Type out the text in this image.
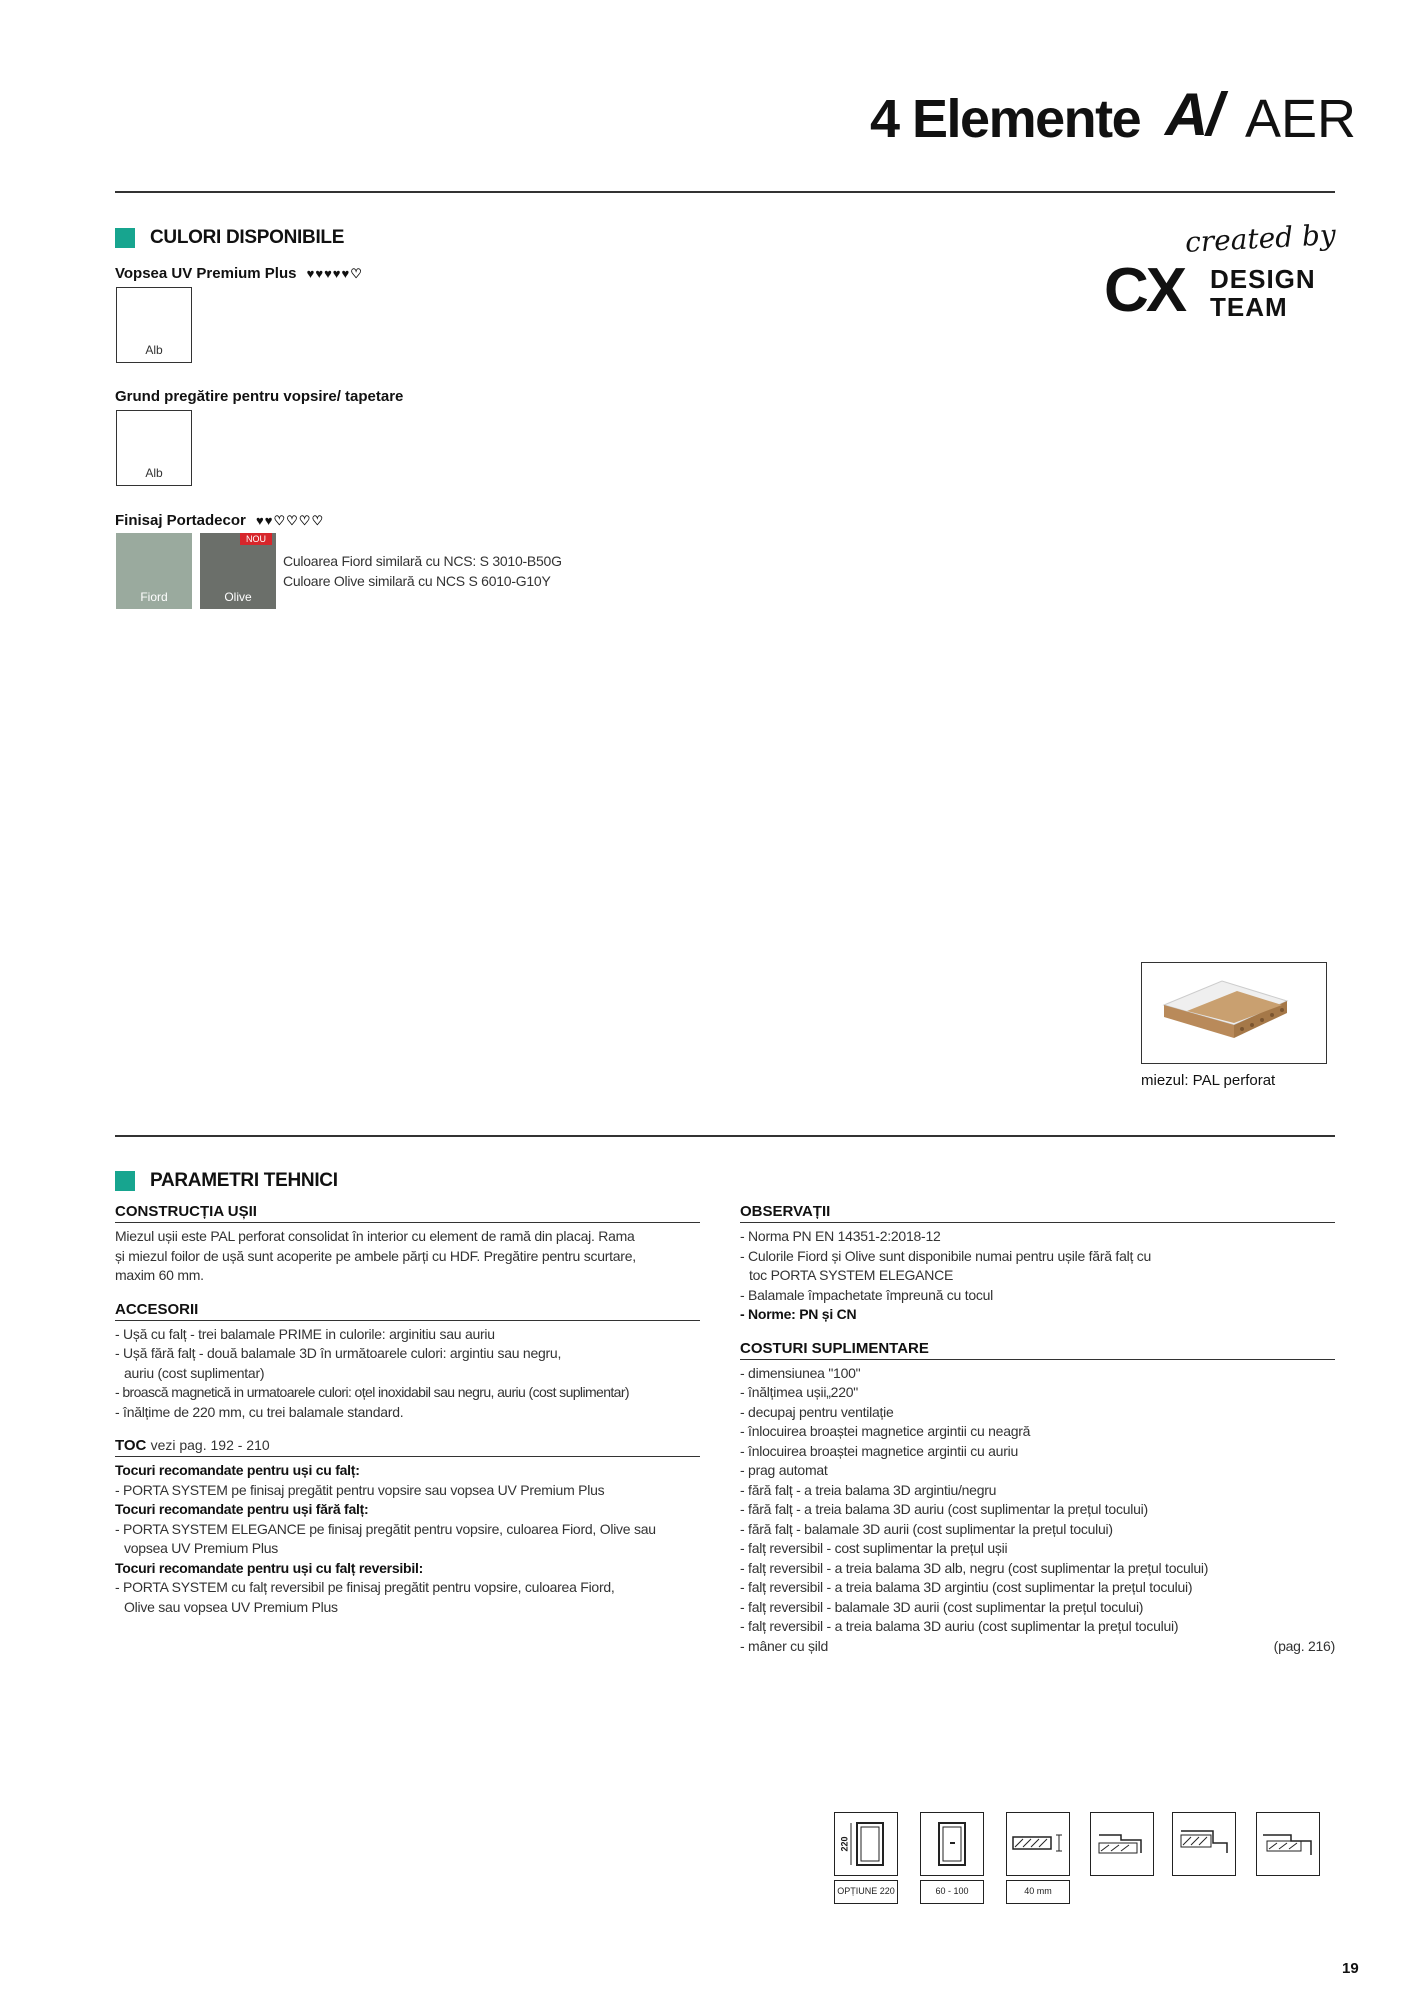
4 Elemente A/ AER
created by
CX DESIGN
TEAM
CULORI DISPONIBILE
Vopsea UV Premium Plus ♥♥♥♥♥♡
Alb
Grund pregătire pentru vopsire/ tapetare
Alb
Finisaj Portadecor ♥♥♡♡♡♡
Fiord
NOU
Olive
Culoarea Fiord similară cu NCS: S 3010-B50G
Culoare Olive similară cu NCS S 6010-G10Y
miezul: PAL perforat
PARAMETRI TEHNICI
CONSTRUCȚIA UȘII
Miezul ușii este PAL perforat consolidat în interior cu element de ramă din placaj. Rama
și miezul foilor de ușă sunt acoperite pe ambele părți cu HDF. Pregătire pentru scurtare,
maxim 60 mm.
ACCESORII
- Ușă cu falț - trei balamale PRIME in culorile: arginitiu sau auriu
- Ușă fără falț - două balamale 3D în următoarele culori: argintiu sau negru,
auriu (cost suplimentar)
- broască magnetică in urmatoarele culori: oțel inoxidabil sau negru, auriu (cost suplimentar)
- înălțime de 220 mm, cu trei balamale standard.
TOC vezi pag. 192 - 210
Tocuri recomandate pentru uși cu falț:
- PORTA SYSTEM pe finisaj pregătit pentru vopsire sau vopsea UV Premium Plus
Tocuri recomandate pentru uși fără falț:
- PORTA SYSTEM ELEGANCE pe finisaj pregătit pentru vopsire, culoarea Fiord, Olive sau
vopsea UV Premium Plus
Tocuri recomandate pentru uși cu falț reversibil:
- PORTA SYSTEM cu falț reversibil pe finisaj pregătit pentru vopsire, culoarea Fiord,
Olive sau vopsea UV Premium Plus
OBSERVAȚII
- Norma PN EN 14351-2:2018-12
- Culorile Fiord și Olive sunt disponibile numai pentru ușile fără falț cu
toc PORTA SYSTEM ELEGANCE
- Balamale împachetate împreună cu tocul
- Norme: PN și CN
COSTURI SUPLIMENTARE
- dimensiunea "100"
- înălțimea ușii„220"
- decupaj pentru ventilație
- înlocuirea broaștei magnetice argintii cu neagră
- înlocuirea broaștei magnetice argintii cu auriu
- prag automat
- fără falț - a treia balama 3D argintiu/negru
- fără falț - a treia balama 3D auriu (cost suplimentar la prețul tocului)
- fără falț - balamale 3D aurii (cost suplimentar la prețul tocului)
- falț reversibil - cost suplimentar la prețul ușii
- falț reversibil - a treia balama 3D alb, negru (cost suplimentar la prețul tocului)
- falț reversibil - a treia balama 3D argintiu (cost suplimentar la prețul tocului)
- falț reversibil - balamale 3D aurii (cost suplimentar la prețul tocului)
- falț reversibil - a treia balama 3D auriu (cost suplimentar la prețul tocului)
- mâner cu șild	(pag. 216)
220
OPȚIUNE 220	60 - 100	40 mm
19
